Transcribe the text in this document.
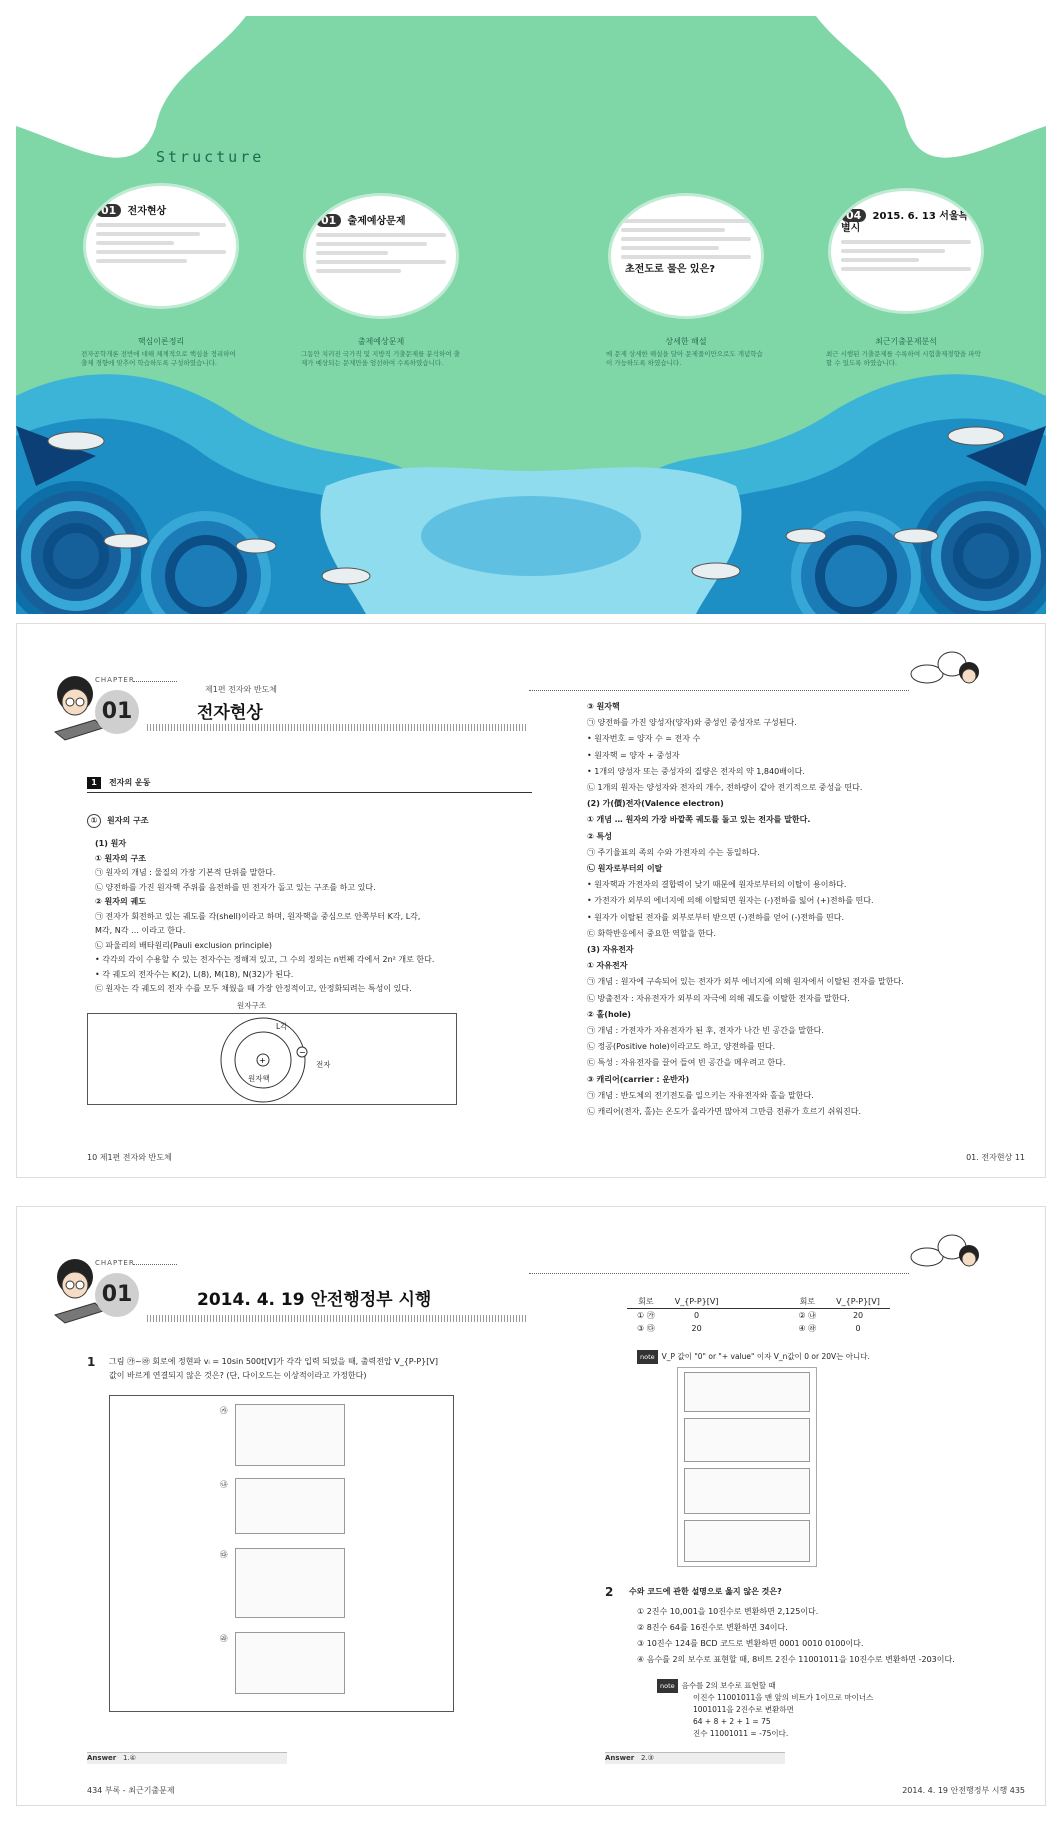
Structure
01 전자현상
01 출제예상문제
초전도로 물은 있은?
04 2015. 6. 13 서울특별시
핵심이론정리
전자공학개론 전반에 대해 체계적으로 핵심을 정리하여 출제 경향에 맞추어 학습하도록 구성하였습니다.
출제예상문제
그동안 치러진 국가직 및 지방직 기출문제를 분석하여 출제가 예상되는 문제만을 엄선하여 수록하였습니다.
상세한 해설
매 문제 상세한 해설을 달아 문제풀이만으로도 개념학습이 가능하도록 하였습니다.
최근기출문제분석
최근 시행된 기출문제를 수록하여 시험출제경향을 파악할 수 있도록 하였습니다.
CHAPTER
01
제1편 전자와 반도체
전자현상
1	전자의 운동
① 원자의 구조
(1) 원자
① 원자의 구조
㉠ 원자의 개념 : 물질의 가장 기본적 단위를 말한다.
㉡ 양전하를 가진 원자핵 주위를 음전하를 띤 전자가 돌고 있는 구조를 하고 있다.
② 원자의 궤도
㉠ 전자가 회전하고 있는 궤도를 각(shell)이라고 하며, 원자핵을 중심으로 안쪽부터 K각, L각,
M각, N각 … 이라고 한다.
㉡ 파울리의 배타원리(Pauli exclusion principle)
• 각각의 각이 수용할 수 있는 전자수는 정해져 있고, 그 수의 정의는 n번째 각에서 2n² 개로 한다.
• 각 궤도의 전자수는 K(2), L(8), M(18), N(32)가 된다.
㉢ 원자는 각 궤도의 전자 수를 모두 채웠을 때 가장 안정적이고, 안정화되려는 특성이 있다.
원자구조
+
−
원자핵
L각
전자
③ 원자핵
㉠ 양전하를 가진 양성자(양자)와 중성인 중성자로 구성된다.
• 원자번호 = 양자 수 = 전자 수
• 원자핵 = 양자 + 중성자
• 1개의 양성자 또는 중성자의 질량은 전자의 약 1,840배이다.
㉡ 1개의 원자는 양성자와 전자의 개수, 전하량이 같아 전기적으로 중성을 띤다.
(2) 가(價)전자(Valence electron)
① 개념 … 원자의 가장 바깥쪽 궤도를 돌고 있는 전자를 말한다.
② 특성
㉠ 주기율표의 족의 수와 가전자의 수는 동일하다.
㉡ 원자로부터의 이탈
• 원자핵과 가전자의 결합력이 낮기 때문에 원자로부터의 이탈이 용이하다.
• 가전자가 외부의 에너지에 의해 이탈되면 원자는 (-)전하를 잃어 (+)전하를 띤다.
• 원자가 이탈된 전자를 외부로부터 받으면 (-)전하를 얻어 (-)전하를 띤다.
㉢ 화학반응에서 중요한 역할을 한다.
(3) 자유전자
① 자유전자
㉠ 개념 : 원자에 구속되어 있는 전자가 외부 에너지에 의해 원자에서 이탈된 전자를 말한다.
㉡ 방출전자 : 자유전자가 외부의 자극에 의해 궤도를 이탈한 전자를 말한다.
② 홀(hole)
㉠ 개념 : 가전자가 자유전자가 된 후, 전자가 나간 빈 공간을 말한다.
㉡ 정공(Positive hole)이라고도 하고, 양전하를 띤다.
㉢ 특성 : 자유전자를 끌어 들여 빈 공간을 메우려고 한다.
③ 캐리어(carrier : 운반자)
㉠ 개념 : 반도체의 전기전도를 일으키는 자유전자와 홀을 말한다.
㉡ 캐리어(전자, 홀)는 온도가 올라가면 많아져 그만큼 전류가 흐르기 쉬워진다.
10 제1편 전자와 반도체	01. 전자현상 11
CHAPTER
01	2014. 4. 19 안전행정부 시행
1 그림 ㉮~㉱ 회로에 정현파 vᵢ = 10sin 500t[V]가 각각 입력 되었을 때, 출력전압 V_{P-P}[V]
값이 바르게 연결되지 않은 것은? (단, 다이오드는 이상적이라고 가정한다)
㉮
㉯
㉰
㉱
회로	V_{P-P}[V]	회로	V_{P-P}[V]
① ㉮	0	② ㉯	20
③ ㉰	20	④ ㉱	0
note V_P 값이 "0" or "+ value" 이자 V_n값이 0 or 20V는 아니다.
2 수와 코드에 관한 설명으로 옳지 않은 것은?
① 2진수 10,001을 10진수로 변환하면 2,125이다.
② 8진수 64를 16진수로 변환하면 34이다.
③ 10진수 124를 BCD 코드로 변환하면 0001 0010 0100이다.
④ 음수를 2의 보수로 표현할 때, 8비트 2진수 11001011을 10진수로 변환하면 -203이다.
note 음수를 2의 보수로 표현할 때
이진수 11001011을 맨 앞의 비트가 1이므로 마이너스
1001011을 2진수로 변환하면
64 + 8 + 2 + 1 = 75
진수 11001011 = -75이다.
Answer 1.④	Answer 2.③
434 부록 - 최근기출문제	2014. 4. 19 안전행정부 시행 435
